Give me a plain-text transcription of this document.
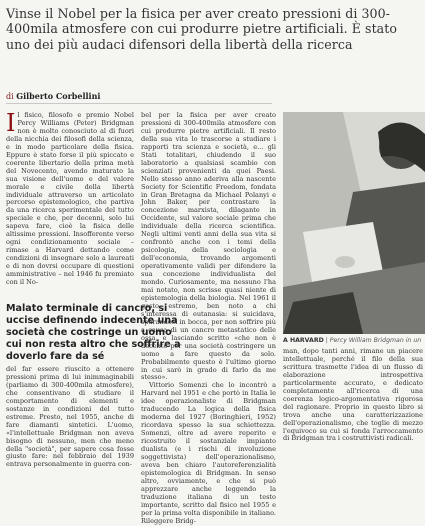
Vinse il Nobel per la fisica per aver creato pressioni di 300-400mila atmosfere con cui produrre pietre artificiali. È stato uno dei più audaci difensori della libertà della ricerca
di Gilberto Corbellini
I l fisico, filosofo e premio Nobel Percy Williams (Peter) Bridgman non è molto conosciuto al di fuori della nicchia dei filosofi della scienza, e in modo particolare della fisica. Eppure è stato forse il più spiccato e coerente libertario della prima metà del Novecento, avendo maturato la sua visione dell'uomo e del valore morale e civile della libertà individuale attraverso un articolato percorso epistemologico, che partiva da una ricerca sperimentale del tutto speciale e che, per decenni, solo lui sapeva fare, cioè la fisica delle altissime pressioni. Insofferente verso ogni condizionamento sociale – rimase a Harvard dettando come condizioni di insegnare solo a laureati e di non dovrsi occupare di questioni amministrative – nel 1946 fu premiato con il No-

bel per la fisica per aver creato pressioni di 300-400mila atmosfere con cui produrre pietre artificiali. Il resto della sua vita lo trascorse a studiare i rapporti tra scienza e società, e... gli Stati totalitari, chiudendo il suo laboratorio a qualsiasi scambio con scienziati provenienti da quei Paesi. Nello stesso anno aderiva alla nascente Society for Scientific Freedom, fondata in Gran Bretagna da Michael Polanyi e John Baker, per contrastare la concezione marxista, dilagante in Occidente, sul valore sociale prima che individuale della ricerca scientifica. Negli ultimi venti anni della sua vita si confrontò anche con i temi della psicologia, della sociologia e dell'economia, trovando argomenti operativamente validi per difendere la sua concezione individualista del mondo. Curiosamente, ma nessuno l'ha mai notato, non scrisse quasi niente di epistemologia della biologia. Nel 1961 il gesto estremo, ben noto a chi s'interessa di eutanasia: si suicidava, sparandosi in bocca, per non soffrire più a causa di un cancro metastatico delle ossa, e lasciando scritto «che non è decente per una società costringere un uomo a fare questo da solo. Probabilmente questo è l'ultimo giorno in cui sarò in grado di farlo da me stesso».

Vittorio Somenzi che lo incontrò a Harvard nel 1951 e che portò in Italia le idee operazionaliste di Bridgman traducendo La logica della fisica moderna del 1927 (Boringhieri, 1952) ricordava spesso la sua schiettezza. Somenzi, oltre ad avere reperito e ricostruito il sostanziale impianto dualista (e i rischi di involuzione soggettivista) dell'operazionalismo, aveva ben chiaro l'autoreferenzialità epistemologica di Bridgman. In senso altro, ovviamente, e che si può apprezzare anche leggendo la traduzione italiana di un testo importante, scritto dal fisico nel 1955 e per la prima volta disponibile in italiano. Rileggere Bridg-

Malato terminale di cancro, si uccise definendo indecente una società che costringe un uomo cui non resta altro che soffrire a doverlo fare da sé
del far essere riuscito a ottenere pressioni prima di lui inimmaginabili (parliamo di 300-400mila atmosfere), che consentivano di studiare il comportamento di elementi e sostanze in condizioni del tutto estreme. Presto, nel 1955, anche di fare diamanti sintetici. L'uomo, «l'intellettuale Bridgman non aveva bisogno di nessuno, men che meno della "società", per sapere cosa fosse giusto fare: nel febbraio del 1939 entrava personalmente in guerra con-
A HARVARD | Percy William Bridgman in un
man, dopo tanti anni, rimane un piacere intellettuale, perché il filo della sua scrittura trasmette l'idea di un flusso di elaborazione introspettiva particolarmente accurato, e dedicato completamente all'ricerca di una coerenza logico-argomentativa rigorosa del ragionare. Proprio in questo libro si trova anche una caratterizzazione dell'operazionalismo, che toglie di mezzo l'equivoco su cui si fonda l'arroccamento di Bridgman tra i costruttivisti radicali.
